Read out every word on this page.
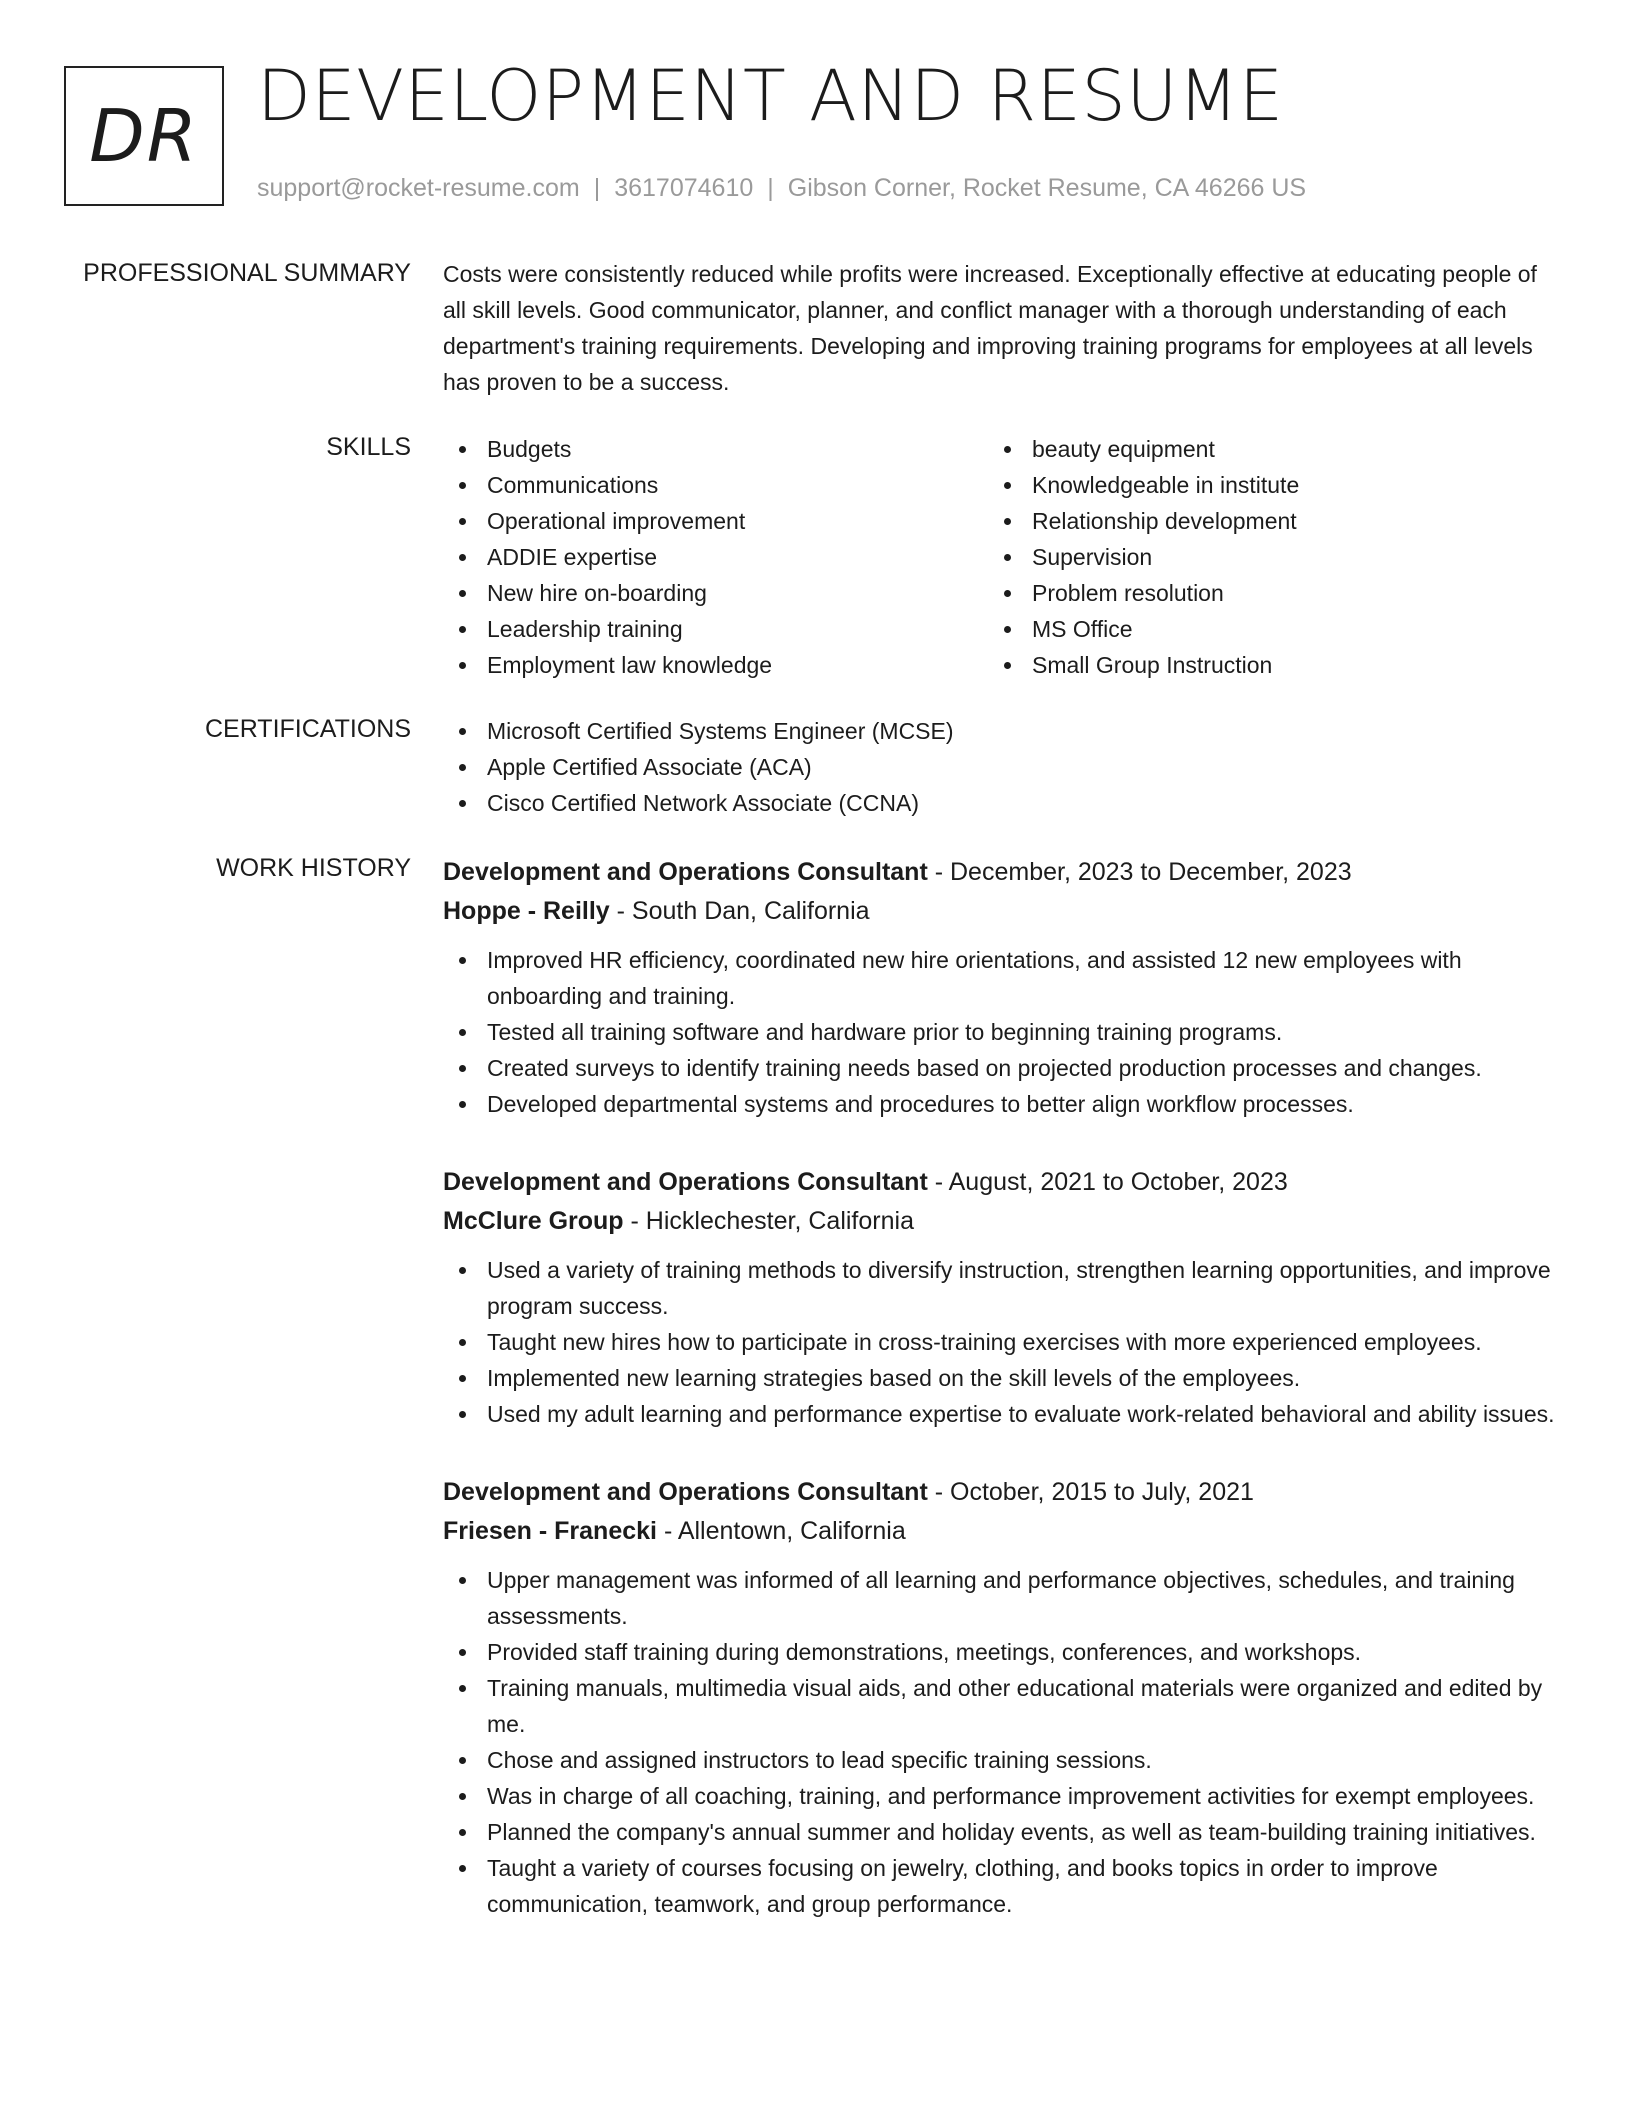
DR DEVELOPMENT AND RESUME
support@rocket-resume.com | 3617074610 | Gibson Corner, Rocket Resume, CA 46266 US
PROFESSIONAL SUMMARY Costs were consistently reduced while profits were increased. Exceptionally effective at educating people of all skill levels. Good communicator, planner, and conflict manager with a thorough understanding of each department's training requirements. Developing and improving training programs for employees at all levels has proven to be a success.
SKILLS	Budgets
Communications
Operational improvement
ADDIE expertise
New hire on-boarding
Leadership training
Employment law knowledge
beauty equipment
Knowledgeable in institute
Relationship development
Supervision
Problem resolution
MS Office
Small Group Instruction
CERTIFICATIONS	Microsoft Certified Systems Engineer (MCSE)
Apple Certified Associate (ACA)
Cisco Certified Network Associate (CCNA)
WORK HISTORY Development and Operations Consultant - December, 2023 to December, 2023
Hoppe - Reilly - South Dan, California
Improved HR efficiency, coordinated new hire orientations, and assisted 12 new employees with onboarding and training.
Tested all training software and hardware prior to beginning training programs.
Created surveys to identify training needs based on projected production processes and changes.
Developed departmental systems and procedures to better align workflow processes.
Development and Operations Consultant - August, 2021 to October, 2023
McClure Group - Hicklechester, California
Used a variety of training methods to diversify instruction, strengthen learning opportunities, and improve program success.
Taught new hires how to participate in cross-training exercises with more experienced employees.
Implemented new learning strategies based on the skill levels of the employees.
Used my adult learning and performance expertise to evaluate work-related behavioral and ability issues.
Development and Operations Consultant - October, 2015 to July, 2021
Friesen - Franecki - Allentown, California
Upper management was informed of all learning and performance objectives, schedules, and training assessments.
Provided staff training during demonstrations, meetings, conferences, and workshops.
Training manuals, multimedia visual aids, and other educational materials were organized and edited by me.
Chose and assigned instructors to lead specific training sessions.
Was in charge of all coaching, training, and performance improvement activities for exempt employees.
Planned the company's annual summer and holiday events, as well as team-building training initiatives.
Taught a variety of courses focusing on jewelry, clothing, and books topics in order to improve communication, teamwork, and group performance.
